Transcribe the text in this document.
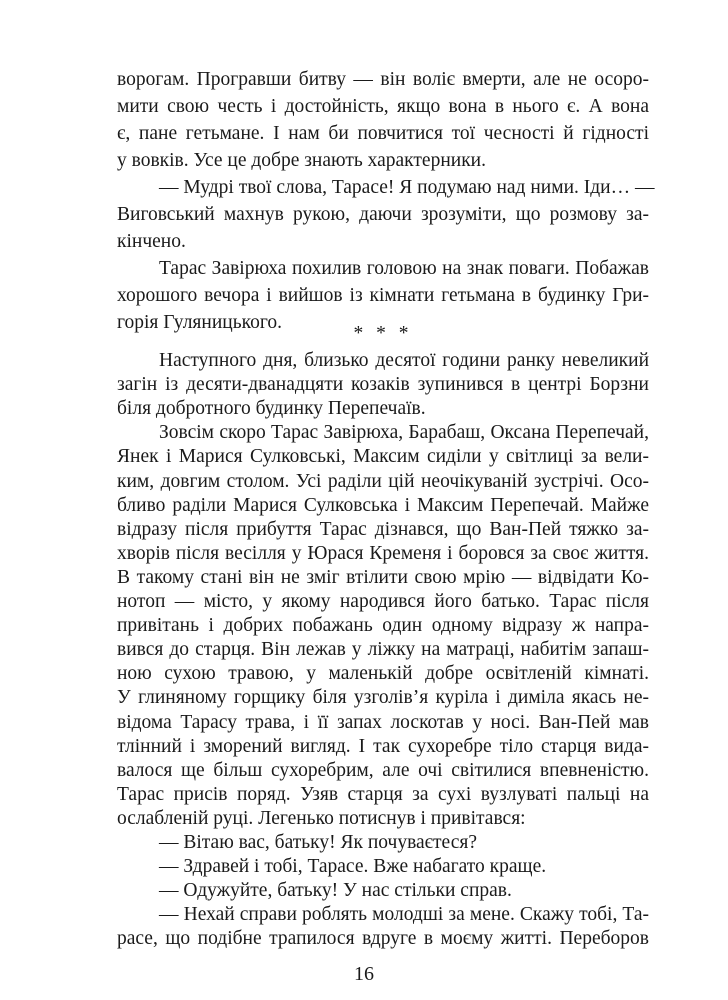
ворогам. Програвши битву — він воліє вмерти, але не осоро-
мити свою честь і достойність, якщо вона в нього є. А вона
є, пане гетьмане. І нам би повчитися тої чесності й гідності
у вовків. Усе це добре знають характерники.
— Мудрі твої слова, Тарасе! Я подумаю над ними. Іди… —
Виговський махнув рукою, даючи зрозуміти, що розмову за-
кінчено.
Тарас Завірюха похилив головою на знак поваги. Побажав
хорошого вечора і вийшов із кімнати гетьмана в будинку Гри-
горія Гуляницького.
* * *
Наступного дня, близько десятої години ранку невеликий
загін із десяти-дванадцяти козаків зупинився в центрі Борзни
біля добротного будинку Перепечаїв.
Зовсім скоро Тарас Завірюха, Барабаш, Оксана Перепечай,
Янек і Марися Сулковські, Максим сиділи у світлиці за вели-
ким, довгим столом. Усі раділи цій неочікуваній зустрічі. Осо-
бливо раділи Марися Сулковська і Максим Перепечай. Майже
відразу після прибуття Тарас дізнався, що Ван-Пей тяжко за-
хворів після весілля у Юрася Кременя і боровся за своє життя.
В такому стані він не зміг втілити свою мрію — відвідати Ко-
нотоп — місто, у якому народився його батько. Тарас після
привітань і добрих побажань один одному відразу ж напра-
вився до старця. Він лежав у ліжку на матраці, набитім запаш-
ною сухою травою, у маленькій добре освітленій кімнаті.
У глиняному горщику біля узголів’я куріла і диміла якась не-
відома Тарасу трава, і її запах лоскотав у носі. Ван-Пей мав
тлінний і зморений вигляд. І так сухоребре тіло старця вида-
валося ще більш сухоребрим, але очі світилися впевненістю.
Тарас присів поряд. Узяв старця за сухі вузлуваті пальці на
ослабленій руці. Легенько потиснув і привітався:
— Вітаю вас, батьку! Як почуваєтеся?
— Здравей і тобі, Тарасе. Вже набагато краще.
— Одужуйте, батьку! У нас стільки справ.
— Нехай справи роблять молодші за мене. Скажу тобі, Та-
расе, що подібне трапилося вдруге в моєму житті. Переборов
16
